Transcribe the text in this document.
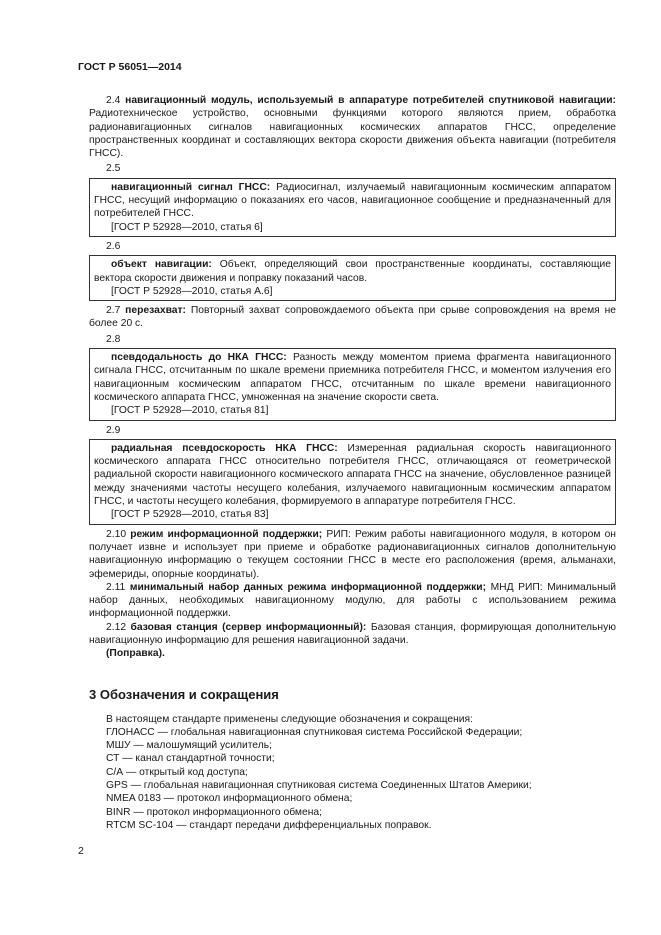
ГОСТ Р 56051—2014

2.4 навигационный модуль, используемый в аппаратуре потребителей спутниковой навигации: Радиотехническое устройство, основными функциями которого являются прием, обработка радионавигационных сигналов навигационных космических аппаратов ГНСС, определение пространственных координат и составляющих вектора скорости движения объекта навигации (потребителя ГНСС).

2.5

навигационный сигнал ГНСС: Радиосигнал, излучаемый навигационным космическим аппаратом ГНСС, несущий информацию о показаниях его часов, навигационное сообщение и предназначенный для потребителей ГНСС.

[ГОСТ Р 52928—2010, статья 6]

2.6

объект навигации: Объект, определяющий свои пространственные координаты, составляющие вектора скорости движения и поправку показаний часов.

[ГОСТ Р 52928—2010, статья А.6]

2.7 перезахват: Повторный захват сопровождаемого объекта при срыве сопровождения на время не более 20 с.

2.8

псевдодальность до НКА ГНСС: Разность между моментом приема фрагмента навигационного сигнала ГНСС, отсчитанным по шкале времени приемника потребителя ГНСС, и моментом излучения его навигационным космическим аппаратом ГНСС, отсчитанным по шкале времени навигационного космического аппарата ГНСС, умноженная на значение скорости света.

[ГОСТ Р 52928—2010, статья 81]

2.9

радиальная псевдоскорость НКА ГНСС: Измеренная радиальная скорость навигационного космического аппарата ГНСС относительно потребителя ГНСС, отличающаяся от геометрической радиальной скорости навигационного космического аппарата ГНСС на значение, обусловленное разницей между значениями частоты несущего колебания, излучаемого навигационным космическим аппаратом ГНСС, и частоты несущего колебания, формируемого в аппаратуре потребителя ГНСС.

[ГОСТ Р 52928—2010, статья 83]

2.10 режим информационной поддержки; РИП: Режим работы навигационного модуля, в котором он получает извне и использует при приеме и обработке радионавигационных сигналов дополнительную навигационную информацию о текущем состоянии ГНСС в месте его расположения (время, альманахи, эфемериды, опорные координаты).

2.11 минимальный набор данных режима информационной поддержки; МНД РИП: Минимальный набор данных, необходимых навигационному модулю, для работы с использованием режима информационной поддержки.

2.12 базовая станция (сервер информационный): Базовая станция, формирующая дополнительную навигационную информацию для решения навигационной задачи.

(Поправка).

3 Обозначения и сокращения

В настоящем стандарте применены следующие обозначения и сокращения:

ГЛОНАСС — глобальная навигационная спутниковая система Российской Федерации;

МШУ — малошумящий усилитель;

СТ — канал стандартной точности;

С/А — открытый код доступа;

GPS — глобальная навигационная спутниковая система Соединенных Штатов Америки;

NMEA 0183 — протокол информационного обмена;

BINR — протокол информационного обмена;

RTCM SC-104 — стандарт передачи дифференциальных поправок.

2
